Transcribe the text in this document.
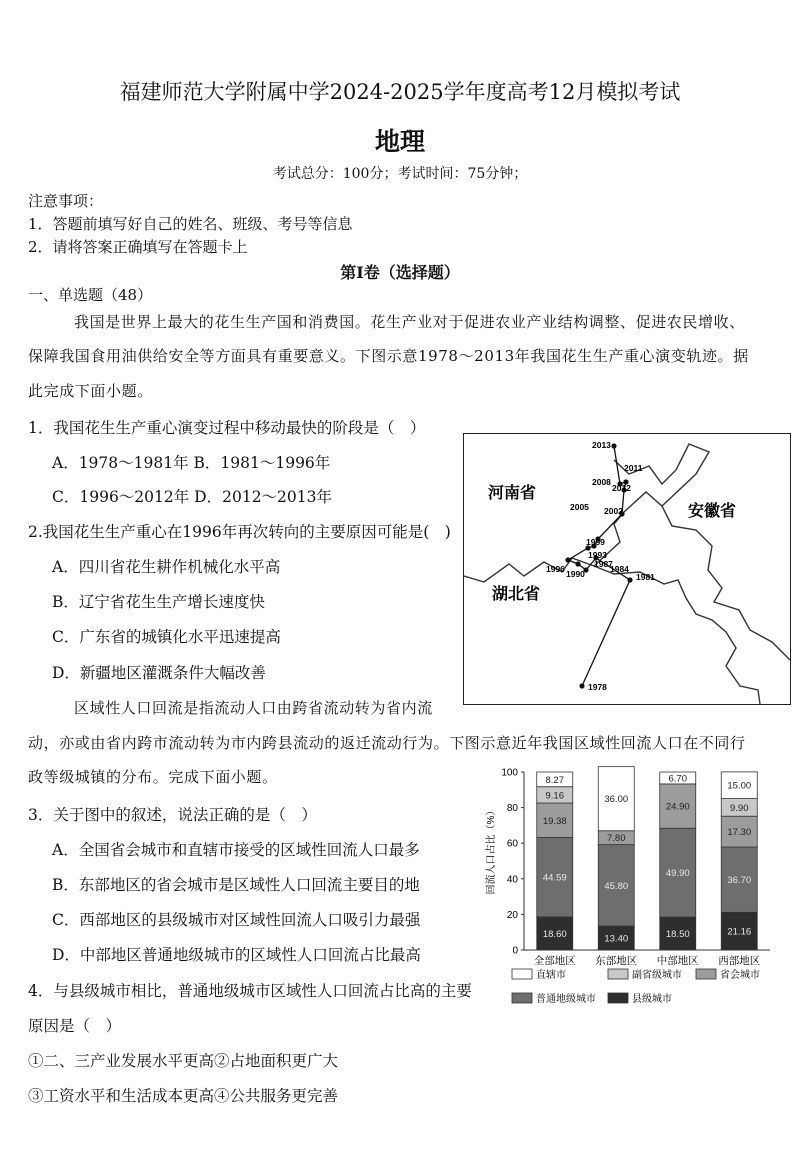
福建师范大学附属中学2024-2025学年度高考12月模拟考试
地理
考试总分：100分；考试时间：75分钟；
注意事项：
1．答题前填写好自己的姓名、班级、考号等信息
2．请将答案正确填写在答题卡上
第Ⅰ卷（选择题）
一、单选题（48）
我国是世界上最大的花生生产国和消费国。花生产业对于促进农业产业结构调整、促进农民增收、
保障我国食用油供给安全等方面具有重要意义。下图示意1978～2013年我国花生生产重心演变轨迹。据
此完成下面小题。
1．我国花生生产重心演变过程中移动最快的阶段是（　）
A．1978～1981年 B．1981～1996年
C．1996～2012年 D．2012～2013年
2.我国花生生产重心在1996年再次转向的主要原因可能是(　)
A．四川省花生耕作机械化水平高
B．辽宁省花生生产增长速度快
C．广东省的城镇化水平迅速提高
D．新疆地区灌溉条件大幅改善
2013
2011
2008
2012
2005 2002
1999
1993
1996	1987
1984
1990	1981
1978
河南省
安徽省
湖北省
区域性人口回流是指流动人口由跨省流动转为省内流
动，亦或由省内跨市流动转为市内跨县流动的返迁流动行为。下图示意近年我国区域性回流人口在不同行
政等级城镇的分布。完成下面小题。
3．关于图中的叙述，说法正确的是（　）
A．全国省会城市和直辖市接受的区域性回流人口最多
B．东部地区的省会城市是区域性人口回流主要目的地
C．西部地区的县级城市对区域性回流人口吸引力最强
D．中部地区普通地级城市的区域性人口回流占比最高
4．与县级城市相比，普通地级城市区域性人口回流占比高的主要
原因是（　）
①二、三产业发展水平更高②占地面积更广大
③工资水平和生活成本更高④公共服务更完善
回流人口占比（%）
0
20
40
60
80
100
18.60
44.59
19.38
9.16
8.27
全部地区
13.40
45.80
7.80
36.00
东部地区
18.50
49.90
24.90
6.70
中部地区
21.16
36.70
17.30
9.90
15.00
西部地区
直辖市	副省级城市	省会城市
普通地级城市	县级城市
